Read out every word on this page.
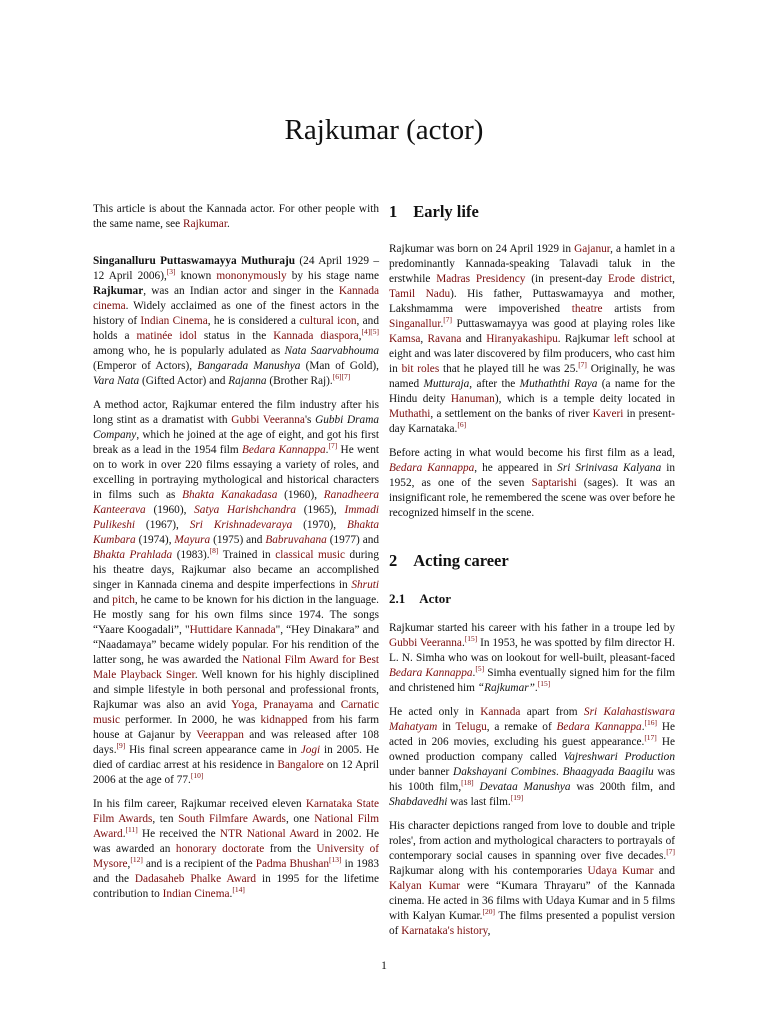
Rajkumar (actor)

This article is about the Kannada actor. For other people with the same name, see Rajkumar.

Singanalluru Puttaswamayya Muthuraju (24 April 1929 – 12 April 2006),[3] known mononymously by his stage name Rajkumar, was an Indian actor and singer in the Kannada cinema. Widely acclaimed as one of the finest actors in the history of Indian Cinema, he is considered a cultural icon, and holds a matinée idol status in the Kannada diaspora,[4][5] among who, he is popularly adulated as Nata Saarvabhouma (Emperor of Actors), Bangarada Manushya (Man of Gold), Vara Nata (Gifted Actor) and Rajanna (Brother Raj).[6][7]

A method actor, Rajkumar entered the film industry after his long stint as a dramatist with Gubbi Veeranna's Gubbi Drama Company, which he joined at the age of eight, and got his first break as a lead in the 1954 film Bedara Kannappa.[7] He went on to work in over 220 films essaying a variety of roles, and excelling in portraying mythological and historical characters in films such as Bhakta Kanakadasa (1960), Ranadheera Kanteerava (1960), Satya Harishchandra (1965), Immadi Pulikeshi (1967), Sri Krishnadevaraya (1970), Bhakta Kumbara (1974), Mayura (1975) and Babruvahana (1977) and Bhakta Prahlada (1983).[8] Trained in classical music during his theatre days, Rajkumar also became an accomplished singer in Kannada cinema and despite imperfections in Shruti and pitch, he came to be known for his diction in the language. He mostly sang for his own films since 1974. The songs “Yaare Koogadali”, "Huttidare Kannada", “Hey Dinakara” and “Naadamaya” became widely popular. For his rendition of the latter song, he was awarded the National Film Award for Best Male Playback Singer. Well known for his highly disciplined and simple lifestyle in both personal and professional fronts, Rajkumar was also an avid Yoga, Pranayama and Carnatic music performer. In 2000, he was kidnapped from his farm house at Gajanur by Veerappan and was released after 108 days.[9] His final screen appearance came in Jogi in 2005. He died of cardiac arrest at his residence in Bangalore on 12 April 2006 at the age of 77.[10]

In his film career, Rajkumar received eleven Karnataka State Film Awards, ten South Filmfare Awards, one National Film Award.[11] He received the NTR National Award in 2002. He was awarded an honorary doctorate from the University of Mysore,[12] and is a recipient of the Padma Bhushan[13] in 1983 and the Dadasaheb Phalke Award in 1995 for the lifetime contribution to Indian Cinema.[14]

1 Early life

Rajkumar was born on 24 April 1929 in Gajanur, a hamlet in a predominantly Kannada-speaking Talavadi taluk in the erstwhile Madras Presidency (in present-day Erode district, Tamil Nadu). His father, Puttaswamayya and mother, Lakshmamma were impoverished theatre artists from Singanallur.[7] Puttaswamayya was good at playing roles like Kamsa, Ravana and Hiranyakashipu. Rajkumar left school at eight and was later discovered by film producers, who cast him in bit roles that he played till he was 25.[7] Originally, he was named Mutturaja, after the Muthaththi Raya (a name for the Hindu deity Hanuman), which is a temple deity located in Muthathi, a settlement on the banks of river Kaveri in present-day Karnataka.[6]

Before acting in what would become his first film as a lead, Bedara Kannappa, he appeared in Sri Srinivasa Kalyana in 1952, as one of the seven Saptarishi (sages). It was an insignificant role, he remembered the scene was over before he recognized himself in the scene.

2 Acting career
2.1 Actor

Rajkumar started his career with his father in a troupe led by Gubbi Veeranna.[15] In 1953, he was spotted by film director H. L. N. Simha who was on lookout for well-built, pleasant-faced Bedara Kannappa.[5] Simha eventually signed him for the film and christened him “Rajkumar”.[15]

He acted only in Kannada apart from Sri Kalahastiswara Mahatyam in Telugu, a remake of Bedara Kannappa.[16] He acted in 206 movies, excluding his guest appearance.[17] He owned production company called Vajreshwari Production under banner Dakshayani Combines. Bhaagyada Baagilu was his 100th film,[18] Devataa Manushya was 200th film, and Shabdavedhi was last film.[19]

His character depictions ranged from love to double and triple roles', from action and mythological characters to portrayals of contemporary social causes in spanning over five decades.[7] Rajkumar along with his contemporaries Udaya Kumar and Kalyan Kumar were “Kumara Thrayaru” of the Kannada cinema. He acted in 36 films with Udaya Kumar and in 5 films with Kalyan Kumar.[20] The films presented a populist version of Karnataka's history,

1
